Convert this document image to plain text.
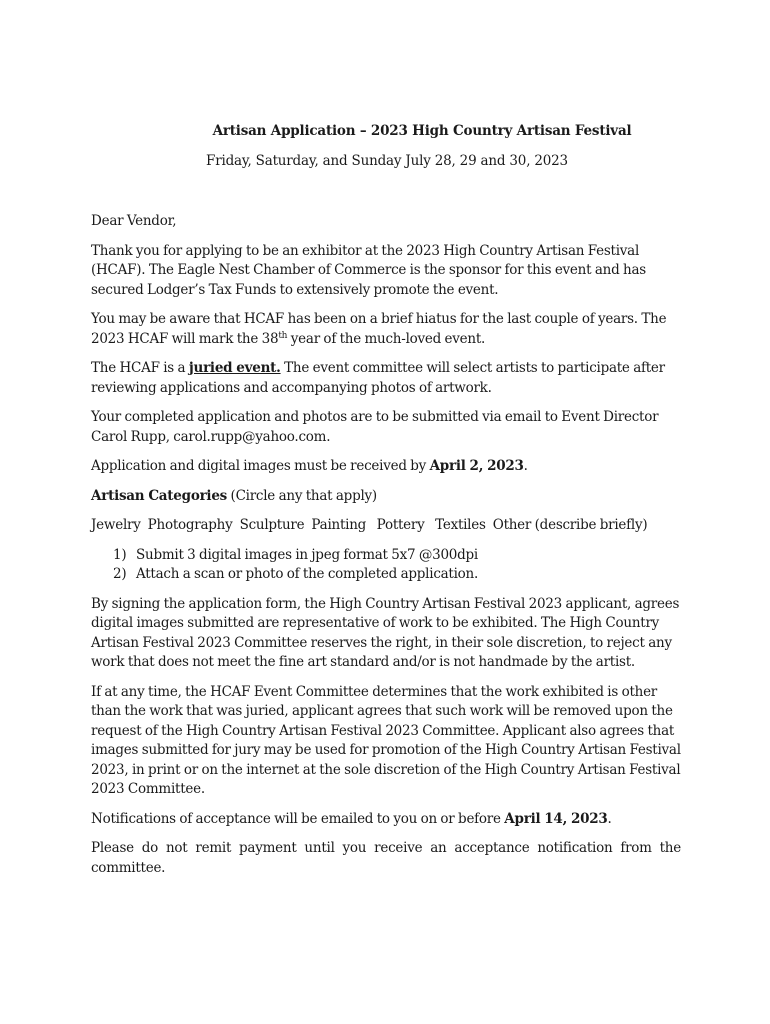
Artisan Application – 2023 High Country Artisan Festival
Friday, Saturday, and Sunday July 28, 29 and 30, 2023

Dear Vendor,

Thank you for applying to be an exhibitor at the 2023 High Country Artisan Festival (HCAF). The Eagle Nest Chamber of Commerce is the sponsor for this event and has secured Lodger’s Tax Funds to extensively promote the event.

You may be aware that HCAF has been on a brief hiatus for the last couple of years. The 2023 HCAF will mark the 38th year of the much-loved event.

The HCAF is a juried event. The event committee will select artists to participate after reviewing applications and accompanying photos of artwork.

Your completed application and photos are to be submitted via email to Event Director Carol Rupp, carol.rupp@yahoo.com.

Application and digital images must be received by April 2, 2023.

Artisan Categories (Circle any that apply)

Jewelry  Photography  Sculpture  Painting   Pottery   Textiles  Other (describe briefly)

1) Submit 3 digital images in jpeg format 5x7 @300dpi
2) Attach a scan or photo of the completed application.

By signing the application form, the High Country Artisan Festival 2023 applicant, agrees digital images submitted are representative of work to be exhibited. The High Country Artisan Festival 2023 Committee reserves the right, in their sole discretion, to reject any work that does not meet the fine art standard and/or is not handmade by the artist.

If at any time, the HCAF Event Committee determines that the work exhibited is other than the work that was juried, applicant agrees that such work will be removed upon the request of the High Country Artisan Festival 2023 Committee. Applicant also agrees that images submitted for jury may be used for promotion of the High Country Artisan Festival 2023, in print or on the internet at the sole discretion of the High Country Artisan Festival 2023 Committee.

Notifications of acceptance will be emailed to you on or before April 14, 2023.

Please do not remit payment until you receive an acceptance notification from the committee.
